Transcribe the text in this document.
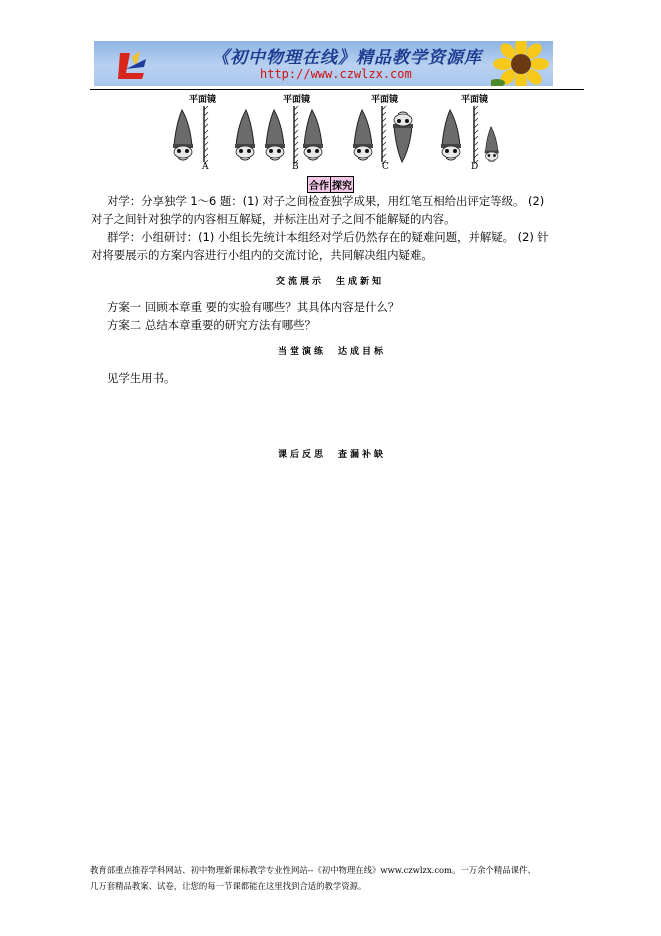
《初中物理在线》精品教学资源库
http://www.czwlzx.com
平面镜	平面镜	平面镜	平面镜
A	B	C	D
合作 探究
对学：分享独学 1～6 题：(1) 对子之间检查独学成果，用红笔互相给出评定等级。 (2)
对子之间针对独学的内容相互解疑，并标注出对子之间不能解疑的内容。
群学：小组研讨：(1) 小组长先统计本组经对学后仍然存在的疑难问题，并解疑。 (2) 针
对将要展示的方案内容进行小组内的交流讨论，共同解决组内疑难。
交流展示　生成新知
方案一 回顾本章重 要的实验有哪些？其具体内容是什么？
方案二 总结本章重要的研究方法有哪些？
当堂演练　达成目标
见学生用书。
课后反思　查漏补缺
教育部重点推荐学科网站、初中物理新课标教学专业性网站--《初中物理在线》www.czwlzx.com。一万余个精品课件、
几万套精品教案、试卷，让您的每一节课都能在这里找到合适的教学资源。
